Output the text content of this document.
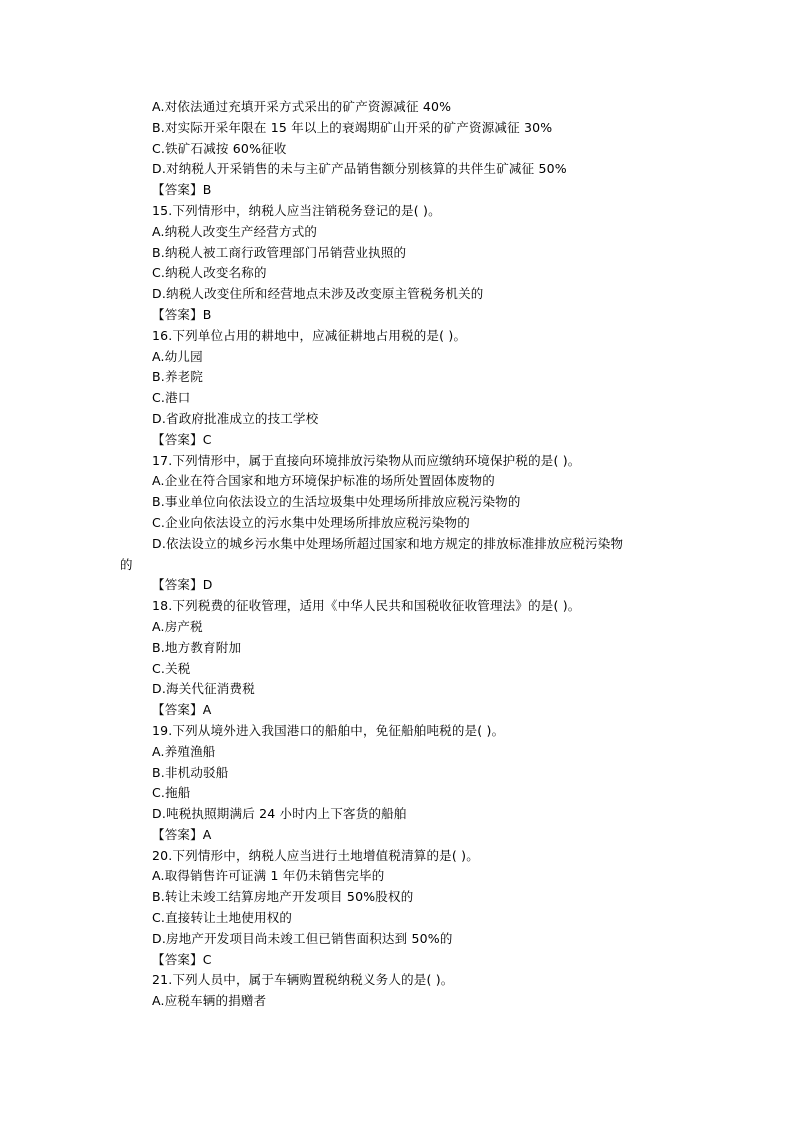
A.对依法通过充填开采方式采出的矿产资源减征 40%
B.对实际开采年限在 15 年以上的衰竭期矿山开采的矿产资源减征 30%
C.铁矿石减按 60%征收
D.对纳税人开采销售的未与主矿产品销售额分别核算的共伴生矿减征 50%
【答案】B
15.下列情形中，纳税人应当注销税务登记的是( )。
A.纳税人改变生产经营方式的
B.纳税人被工商行政管理部门吊销营业执照的
C.纳税人改变名称的
D.纳税人改变住所和经营地点未涉及改变原主管税务机关的
【答案】B
16.下列单位占用的耕地中，应减征耕地占用税的是( )。
A.幼儿园
B.养老院
C.港口
D.省政府批准成立的技工学校
【答案】C
17.下列情形中，属于直接向环境排放污染物从而应缴纳环境保护税的是( )。
A.企业在符合国家和地方环境保护标准的场所处置固体废物的
B.事业单位向依法设立的生活垃圾集中处理场所排放应税污染物的
C.企业向依法设立的污水集中处理场所排放应税污染物的
D.依法设立的城乡污水集中处理场所超过国家和地方规定的排放标准排放应税污染物
的
【答案】D
18.下列税费的征收管理，适用《中华人民共和国税收征收管理法》的是( )。
A.房产税
B.地方教育附加
C.关税
D.海关代征消费税
【答案】A
19.下列从境外进入我国港口的船舶中，免征船舶吨税的是( )。
A.养殖渔船
B.非机动驳船
C.拖船
D.吨税执照期满后 24 小时内上下客货的船舶
【答案】A
20.下列情形中，纳税人应当进行土地增值税清算的是( )。
A.取得销售许可证满 1 年仍未销售完毕的
B.转让未竣工结算房地产开发项目 50%股权的
C.直接转让土地使用权的
D.房地产开发项目尚未竣工但已销售面积达到 50%的
【答案】C
21.下列人员中，属于车辆购置税纳税义务人的是( )。
A.应税车辆的捐赠者
